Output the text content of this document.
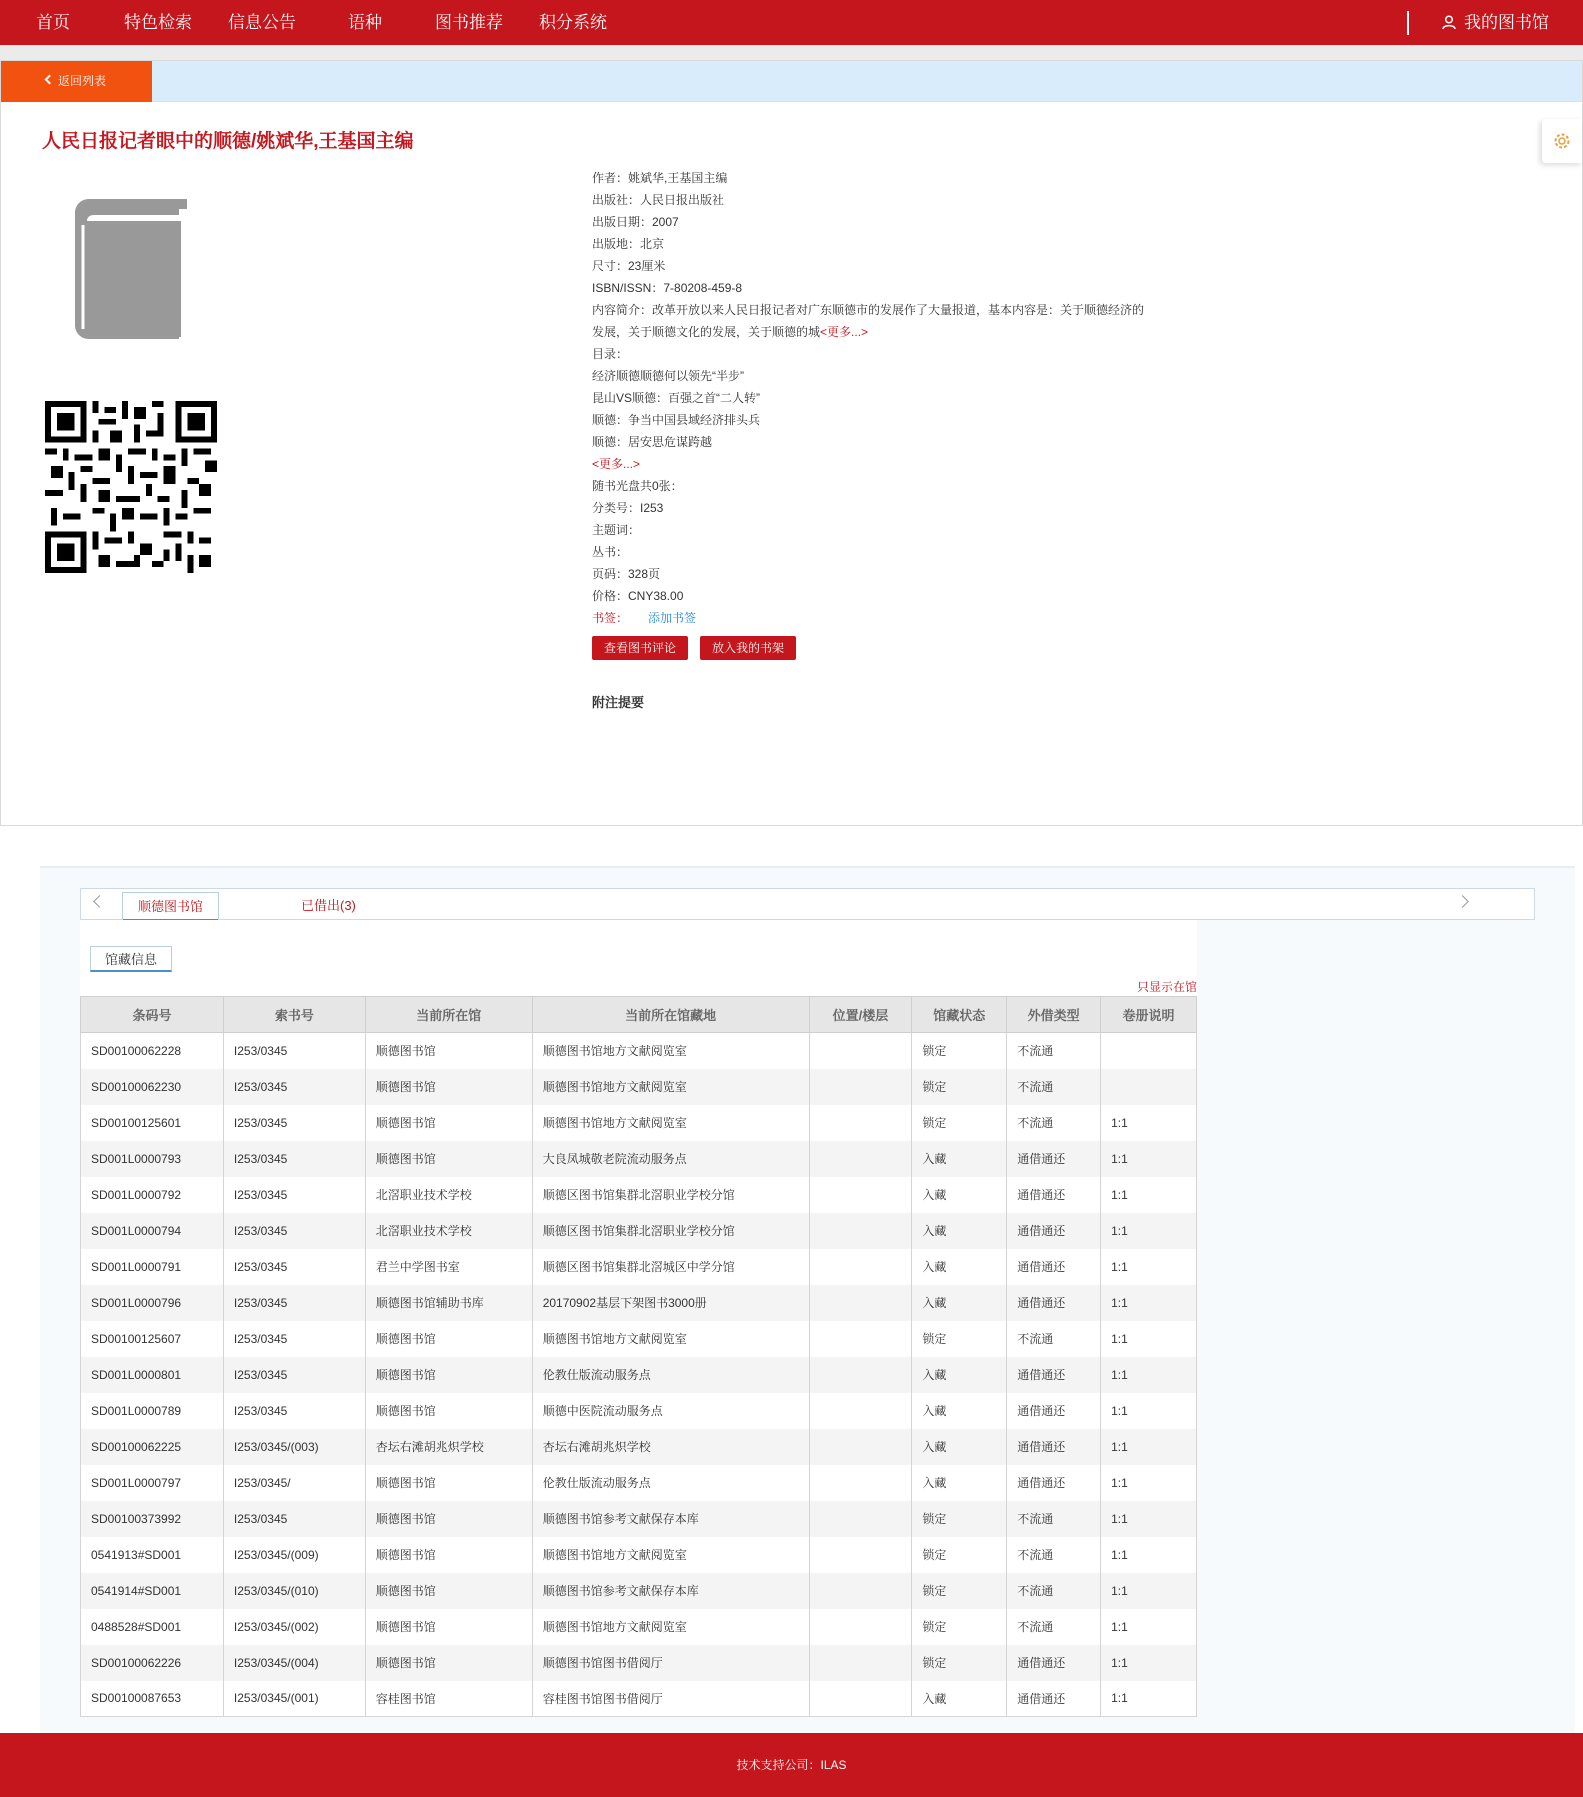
首页	特色检索 信息公告	语种	图书推荐 积分系统	我的图书馆
返回列表
人民日报记者眼中的顺德/姚斌华,王基国主编
作者：姚斌华,王基国主编
出版社：人民日报出版社
出版日期：2007
出版地：北京
尺寸：23厘米
ISBN/ISSN：7-80208-459-8
内容简介：改革开放以来人民日报记者对广东顺德市的发展作了大量报道，基本内容是：关于顺德经济的发展，关于顺德文化的发展，关于顺德的城<更多...>
目录：
经济顺德顺德何以领先“半步”
昆山VS顺德：百强之首“二人转”
顺德：争当中国县域经济排头兵
顺德：居安思危谋跨越
<更多...>
随书光盘共0张：
分类号：I253
主题词：
丛书：
页码：328页
价格：CNY38.00
书签： 添加书签
查看图书评论	放入我的书架
附注提要
顺德图书馆	已借出(3)
馆藏信息
只显示在馆
条码号	索书号	当前所在馆	当前所在馆藏地	位置/楼层	馆藏状态	外借类型	卷册说明
SD00100062228	I253/0345	顺德图书馆	顺德图书馆地方文献阅览室		锁定	不流通	
SD00100062230	I253/0345	顺德图书馆	顺德图书馆地方文献阅览室		锁定	不流通	
SD00100125601	I253/0345	顺德图书馆	顺德图书馆地方文献阅览室		锁定	不流通	1:1
SD001L0000793	I253/0345	顺德图书馆	大良凤城敬老院流动服务点		入藏	通借通还	1:1
SD001L0000792	I253/0345	北滘职业技术学校	顺德区图书馆集群北滘职业学校分馆		入藏	通借通还	1:1
SD001L0000794	I253/0345	北滘职业技术学校	顺德区图书馆集群北滘职业学校分馆		入藏	通借通还	1:1
SD001L0000791	I253/0345	君兰中学图书室	顺德区图书馆集群北滘城区中学分馆		入藏	通借通还	1:1
SD001L0000796	I253/0345	顺德图书馆辅助书库	20170902基层下架图书3000册		入藏	通借通还	1:1
SD00100125607	I253/0345	顺德图书馆	顺德图书馆地方文献阅览室		锁定	不流通	1:1
SD001L0000801	I253/0345	顺德图书馆	伦教仕版流动服务点		入藏	通借通还	1:1
SD001L0000789	I253/0345	顺德图书馆	顺德中医院流动服务点		入藏	通借通还	1:1
SD00100062225	I253/0345/(003)	杏坛右滩胡兆炽学校	杏坛右滩胡兆炽学校		入藏	通借通还	1:1
SD001L0000797	I253/0345/	顺德图书馆	伦教仕版流动服务点		入藏	通借通还	1:1
SD00100373992	I253/0345	顺德图书馆	顺德图书馆参考文献保存本库		锁定	不流通	1:1
0541913#SD001	I253/0345/(009)	顺德图书馆	顺德图书馆地方文献阅览室		锁定	不流通	1:1
0541914#SD001	I253/0345/(010)	顺德图书馆	顺德图书馆参考文献保存本库		锁定	不流通	1:1
0488528#SD001	I253/0345/(002)	顺德图书馆	顺德图书馆地方文献阅览室		锁定	不流通	1:1
SD00100062226	I253/0345/(004)	顺德图书馆	顺德图书馆图书借阅厅		锁定	通借通还	1:1
SD00100087653	I253/0345/(001)	容桂图书馆	容桂图书馆图书借阅厅		入藏	通借通还	1:1
技术支持公司：ILAS
